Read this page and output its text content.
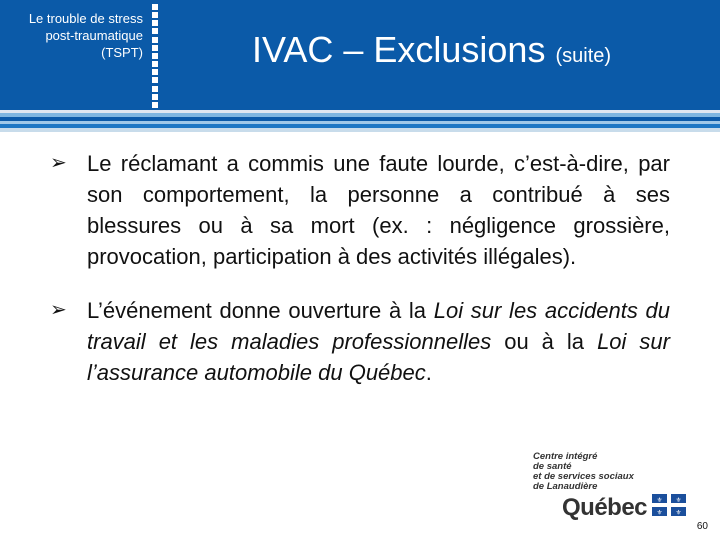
Le trouble de stress post-traumatique (TSPT)	IVAC – Exclusions (suite)
➢ Le réclamant a commis une faute lourde, c’est-à-dire, par son comportement, la personne a contribué à ses blessures ou à sa mort (ex. : négligence grossière, provocation, participation à des activités illégales).
➢ L’événement donne ouverture à la Loi sur les accidents du travail et les maladies professionnelles ou à la Loi sur l’assurance automobile du Québec.
Centre intégré
de santé
et de services sociaux
de Lanaudière
Québec ⚜ ⚜
⚜ ⚜
60
